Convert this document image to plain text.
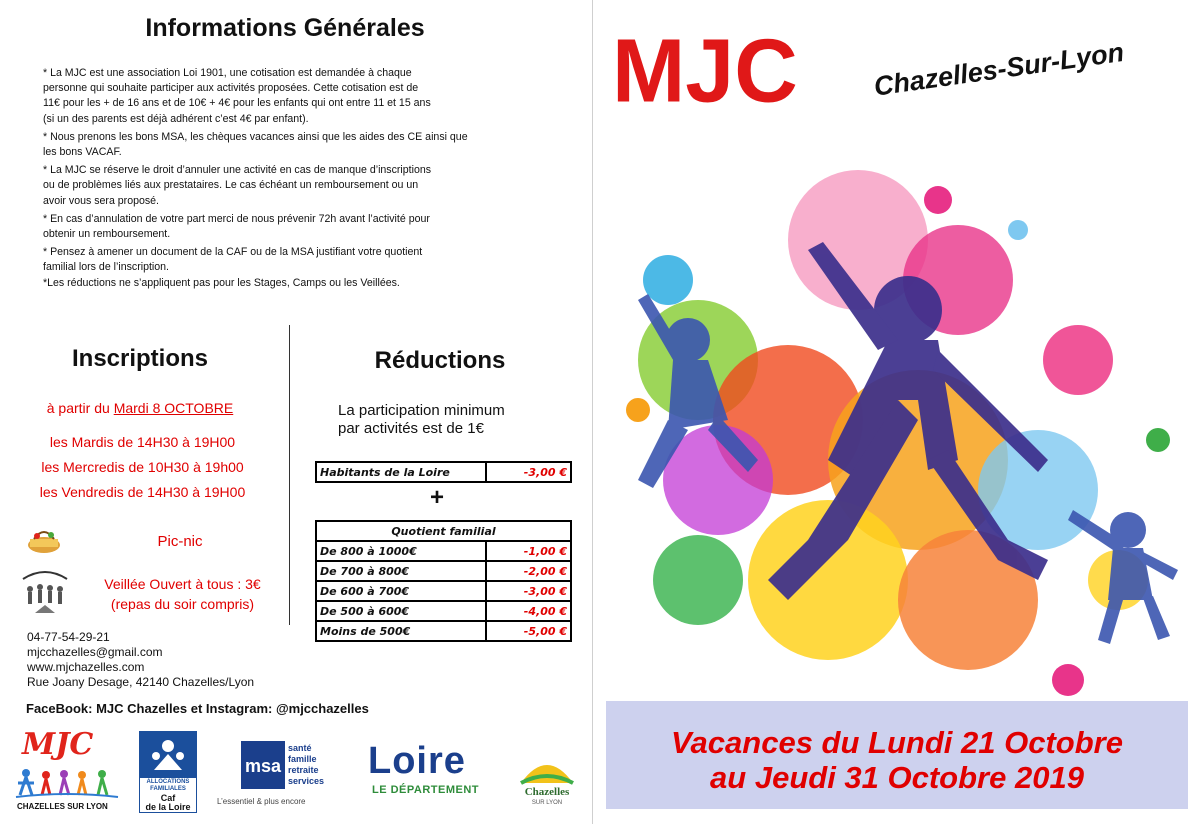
Informations Générales

* La MJC est une association Loi 1901, une cotisation est demandée à chaque
personne qui souhaite participer aux activités proposées. Cette cotisation est de
11€ pour les + de 16 ans et de 10€ + 4€ pour les enfants qui ont entre 11 et 15 ans
(si un des parents est déjà adhérent c’est 4€ par enfant).

* Nous prenons les bons MSA, les chèques vacances ainsi que les aides des CE ainsi que
les bons VACAF.

* La MJC se réserve le droit d’annuler une activité en cas de manque d’inscriptions
ou de problèmes liés aux prestataires. Le cas échéant un remboursement ou un
avoir vous sera proposé.

* En cas d’annulation de votre part merci de nous prévenir 72h avant l’activité pour
obtenir un remboursement.

* Pensez à amener un document de la CAF ou de la MSA justifiant votre quotient
familial lors de l’inscription.
*Les réductions ne s’appliquent pas pour les Stages, Camps ou les Veillées.

Inscriptions
à partir du Mardi 8 OCTOBRE
les Mardis de 14H30 à 19H00
les Mercredis de 10H30 à 19h00
les Vendredis de 14H30 à 19H00
Pic-nic
Veillée Ouvert à tous : 3€
(repas du soir compris)
04-77-54-29-21
mjcchazelles@gmail.com
www.mjchazelles.com
Rue Joany Desage, 42140 Chazelles/Lyon
FaceBook: MJC Chazelles et Instagram: @mjcchazelles
Réductions
La participation minimum
par activités est de 1€
Habitants de la Loire	-3,00 €
+
Quotient familial	
De 800 à 1000€	-1,00 €
De 700 à 800€	-2,00 €
De 600 à 700€	-3,00 €
De 500 à 600€	-4,00 €
Moins de 500€	-5,00 €
MJC
CHAZELLES SUR LYON
ALLOCATIONS
FAMILIALES
Caf
de la Loire
msa
santé
famille
retraite
services
L’essentiel & plus encore
Loire
LE DÉPARTEMENT	Chazelles
SUR LYON
MJC	Chazelles-Sur-Lyon
Vacances du Lundi 21 Octobre
au Jeudi 31 Octobre 2019
